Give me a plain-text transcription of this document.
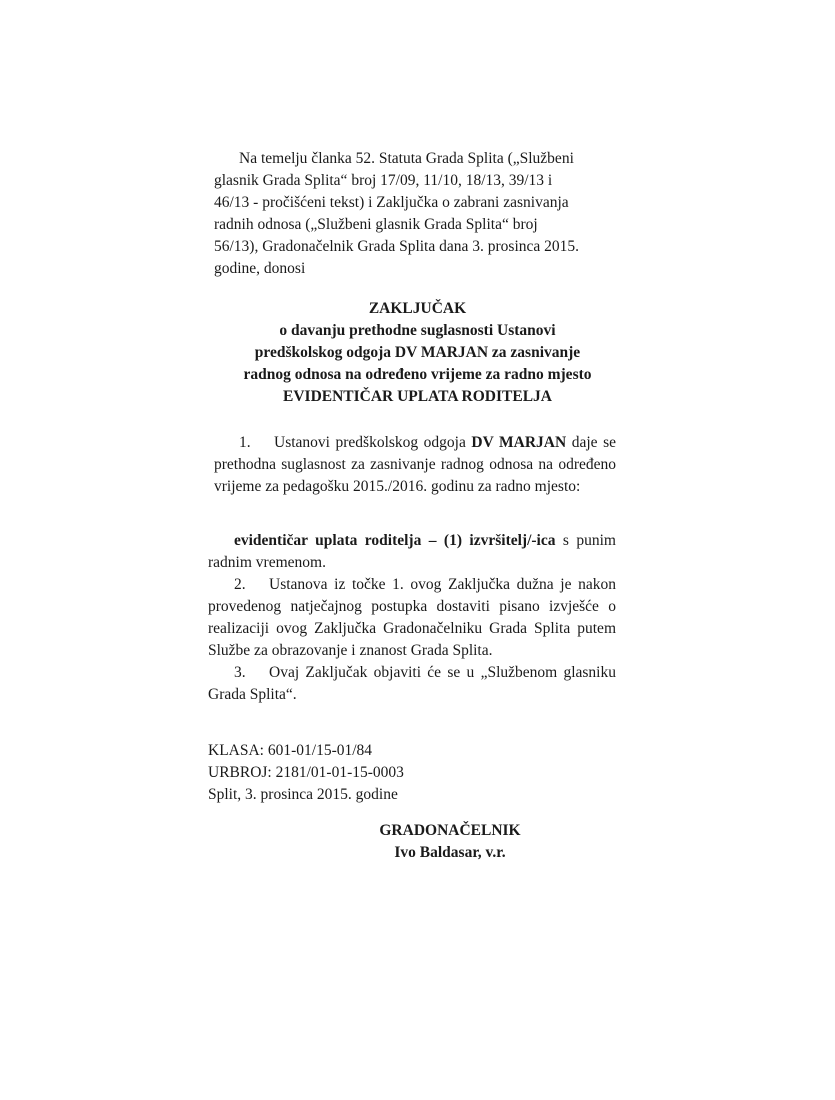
Na temelju članka 52. Statuta Grada Splita („Službeni

glasnik Grada Splita“ broj 17/09, 11/10, 18/13, 39/13 i

46/13 - pročišćeni tekst) i Zaključka o zabrani zasnivanja

radnih odnosa („Službeni glasnik Grada Splita“ broj

56/13), Gradonačelnik Grada Splita dana 3. prosinca 2015.

godine, donosi

ZAKLJUČAK
o davanju prethodne suglasnosti Ustanovi
predškolskog odgoja DV MARJAN za zasnivanje
radnog odnosa na određeno vrijeme za radno mjesto
EVIDENTIČAR UPLATA RODITELJA

1. Ustanovi predškolskog odgoja DV MARJAN daje se prethodna suglasnost za zasnivanje radnog odnosa na određeno vrijeme za pedagošku 2015./2016. godinu za radno mjesto:

evidentičar uplata roditelja – (1) izvršitelj/-ica s punim radnim vremenom.

2. Ustanova iz točke 1. ovog Zaključka dužna je nakon provedenog natječajnog postupka dostaviti pisano izvješće o realizaciji ovog Zaključka Gradonačelniku Grada Splita putem Službe za obrazovanje i znanost Grada Splita.

3. Ovaj Zaključak objaviti će se u „Službenom glasniku Grada Splita“.

KLASA: 601-01/15-01/84
URBROJ: 2181/01-01-15-0003
Split, 3. prosinca 2015. godine
GRADONAČELNIK
Ivo Baldasar, v.r.
